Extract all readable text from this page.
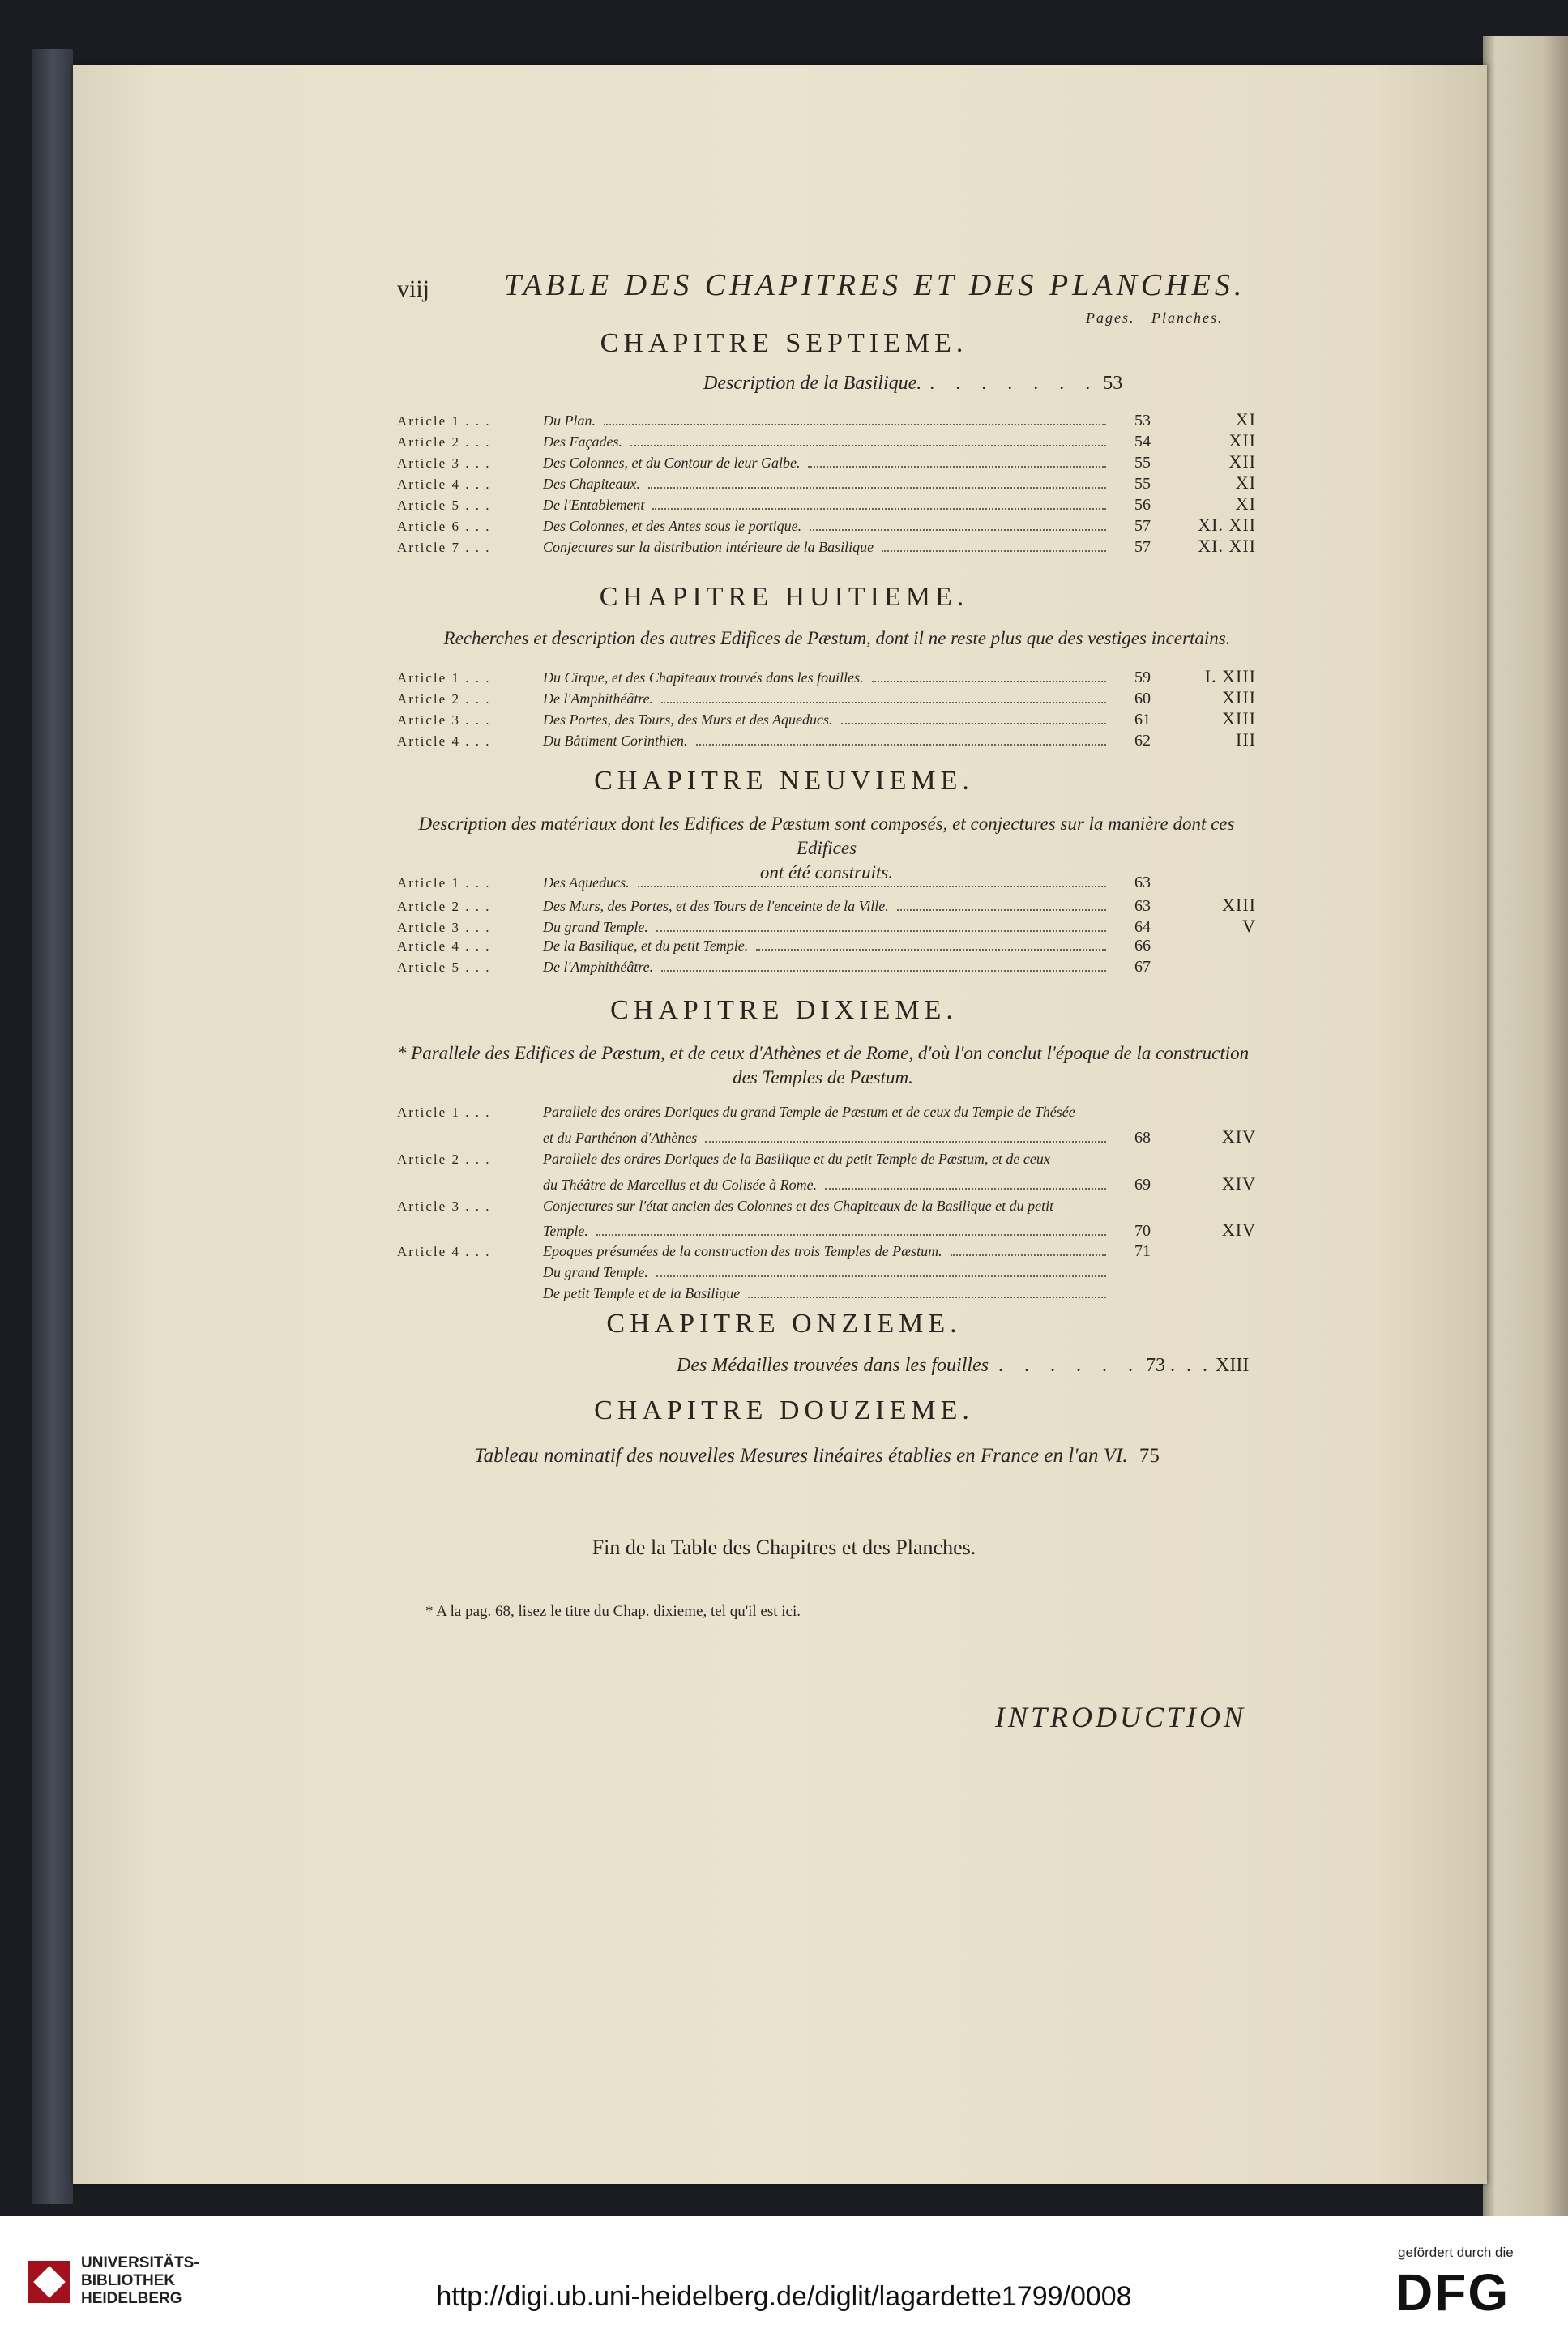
viij TABLE DES CHAPITRES ET DES PLANCHES.
Pages. Planches.
CHAPITRE SEPTIEME.
Description de la Basilique. . . . . . . . 53
Article 1 . . .	Du Plan.	53	XI
Article 2 . . .	Des Façades.	54	XII
Article 3 . . .	Des Colonnes, et du Contour de leur Galbe.	55	XII
Article 4 . . .	Des Chapiteaux.	55	XI
Article 5 . . .	De l'Entablement	56	XI
Article 6 . . .	Des Colonnes, et des Antes sous le portique.	57	XI. XII
Article 7 . . .	Conjectures sur la distribution intérieure de la Basilique	57	XI. XII
CHAPITRE HUITIEME.
Recherches et description des autres Edifices de Pæstum, dont il ne reste plus que des vestiges incertains.
Article 1 . . .	Du Cirque, et des Chapiteaux trouvés dans les fouilles.	59	I. XIII
Article 2 . . .	De l'Amphithéâtre.	60	XIII
Article 3 . . .	Des Portes, des Tours, des Murs et des Aqueducs.	61	XIII
Article 4 . . .	Du Bâtiment Corinthien.	62	III
CHAPITRE NEUVIEME.
Description des matériaux dont les Edifices de Pæstum sont composés, et conjectures sur la manière dont ces Edifices
ont été construits.
Article 1 . . .	Des Aqueducs.	63
Article 2 . . .	Des Murs, des Portes, et des Tours de l'enceinte de la Ville.	63	XIII
Article 3 . . .	Du grand Temple.	64	V
Article 4 . . .	De la Basilique, et du petit Temple.	66
Article 5 . . .	De l'Amphithéâtre.	67
CHAPITRE DIXIEME.
* Parallele des Edifices de Pæstum, et de ceux d'Athènes et de Rome, d'où l'on conclut l'époque de la construction
des Temples de Pæstum.
Article 1 . . .	Parallele des ordres Doriques du grand Temple de Pæstum et de ceux du Temple de Thésée
et du Parthénon d'Athènes	68	XIV
Article 2 . . .	Parallele des ordres Doriques de la Basilique et du petit Temple de Pæstum, et de ceux
du Théâtre de Marcellus et du Colisée à Rome.	69	XIV
Article 3 . . .	Conjectures sur l'état ancien des Colonnes et des Chapiteaux de la Basilique et du petit
Temple.	70	XIV
Article 4 . . .	Epoques présumées de la construction des trois Temples de Pæstum.	71
Du grand Temple.
De petit Temple et de la Basilique
CHAPITRE ONZIEME.
Des Médailles trouvées dans les fouilles . . . . . . 73 . . . XIII
CHAPITRE DOUZIEME.
Tableau nominatif des nouvelles Mesures linéaires établies en France en l'an VI. 75
Fin de la Table des Chapitres et des Planches.
* A la pag. 68, lisez le titre du Chap. dixieme, tel qu'il est ici.
INTRODUCTION
UNIVERSITÄTS-
BIBLIOTHEK
HEIDELBERG	http://digi.ub.uni-heidelberg.de/diglit/lagardette1799/0008
gefördert durch die
DFG
